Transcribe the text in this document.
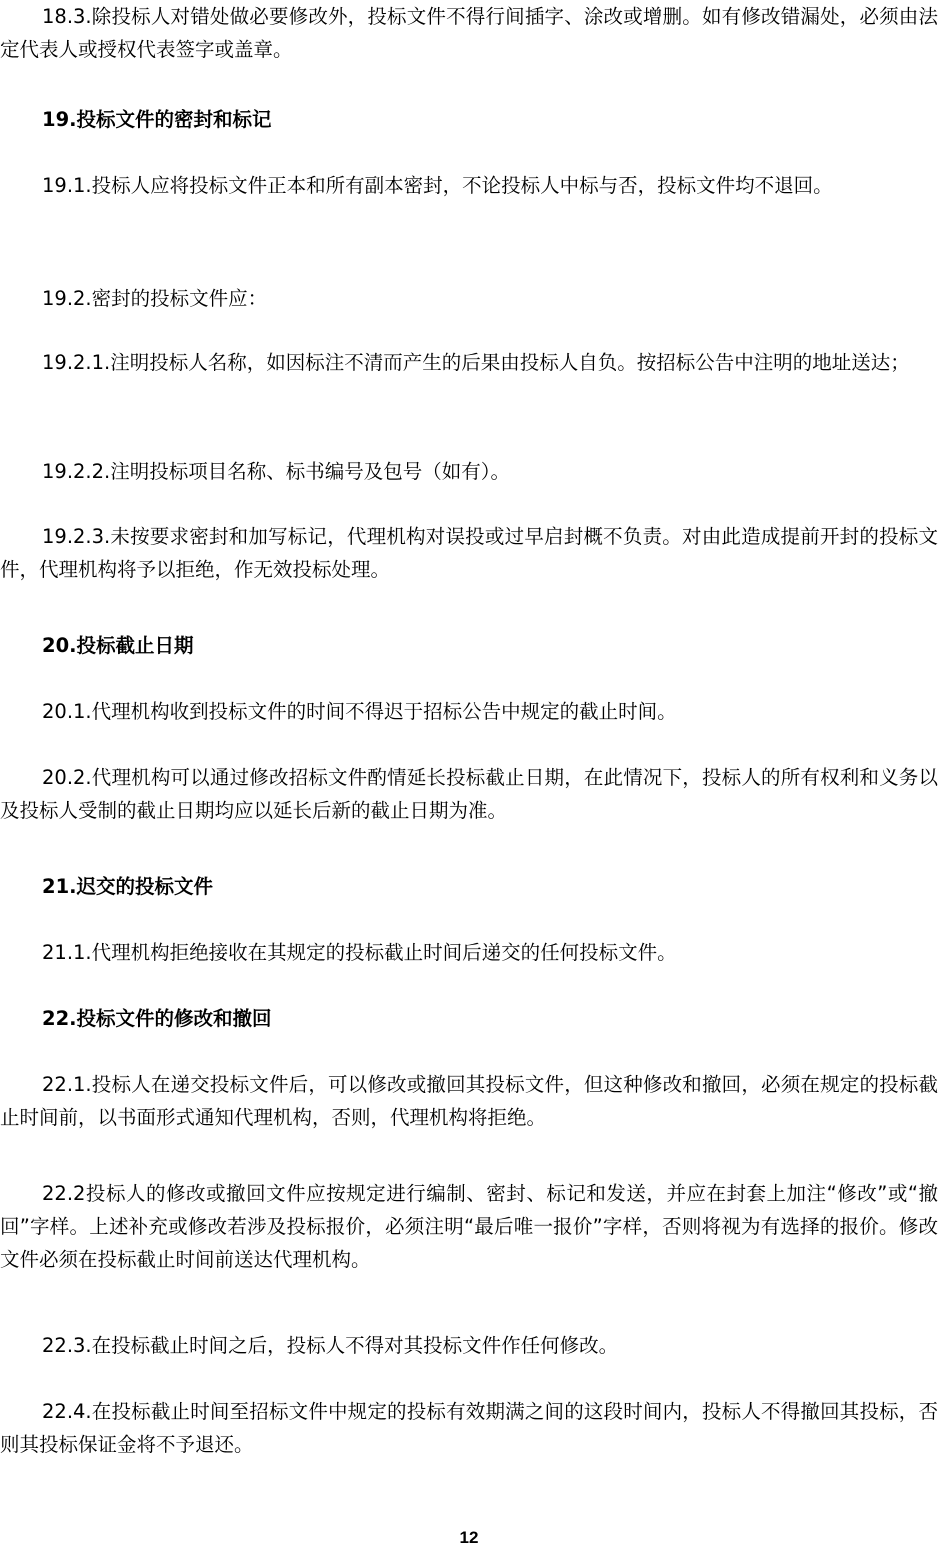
18.3.除投标人对错处做必要修改外，投标文件不得行间插字、涂改或增删。如有修改错漏处，必须由法定代表人或授权代表签字或盖章。

19.投标文件的密封和标记

19.1.投标人应将投标文件正本和所有副本密封，不论投标人中标与否，投标文件均不退回。

19.2.密封的投标文件应：

19.2.1.注明投标人名称，如因标注不清而产生的后果由投标人自负。按招标公告中注明的地址送达；

19.2.2.注明投标项目名称、标书编号及包号（如有）。

19.2.3.未按要求密封和加写标记，代理机构对误投或过早启封概不负责。对由此造成提前开封的投标文件，代理机构将予以拒绝，作无效投标处理。

20.投标截止日期

20.1.代理机构收到投标文件的时间不得迟于招标公告中规定的截止时间。

20.2.代理机构可以通过修改招标文件酌情延长投标截止日期，在此情况下，投标人的所有权利和义务以及投标人受制的截止日期均应以延长后新的截止日期为准。

21.迟交的投标文件

21.1.代理机构拒绝接收在其规定的投标截止时间后递交的任何投标文件。

22.投标文件的修改和撤回

22.1.投标人在递交投标文件后，可以修改或撤回其投标文件，但这种修改和撤回，必须在规定的投标截止时间前，以书面形式通知代理机构，否则，代理机构将拒绝。

22.2投标人的修改或撤回文件应按规定进行编制、密封、标记和发送，并应在封套上加注“修改”或“撤回”字样。上述补充或修改若涉及投标报价，必须注明“最后唯一报价”字样，否则将视为有选择的报价。修改文件必须在投标截止时间前送达代理机构。

22.3.在投标截止时间之后，投标人不得对其投标文件作任何修改。

22.4.在投标截止时间至招标文件中规定的投标有效期满之间的这段时间内，投标人不得撤回其投标，否则其投标保证金将不予退还。

12
